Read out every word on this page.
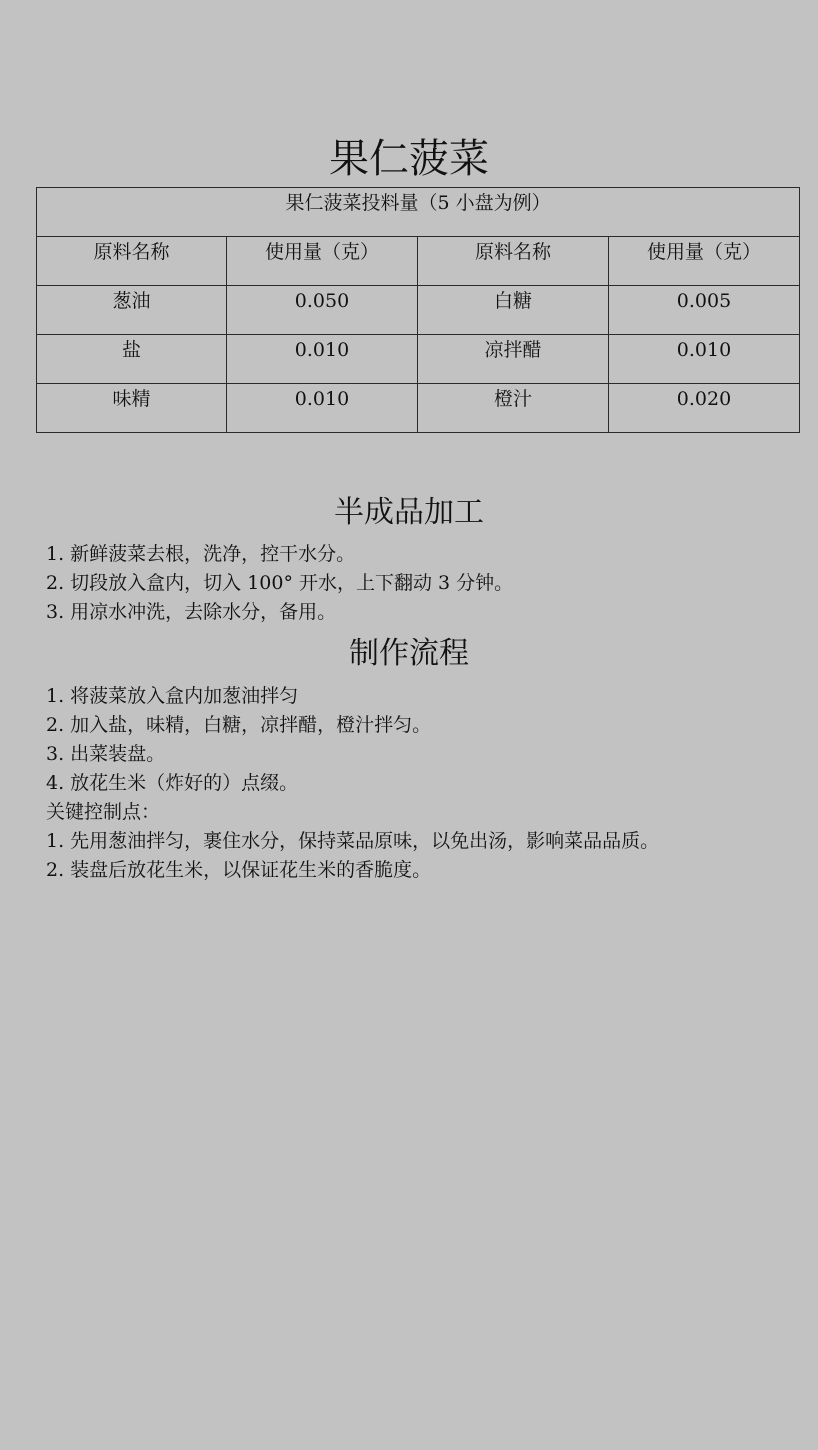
果仁菠菜
果仁菠菜投料量（5 小盘为例）			
原料名称	使用量（克）	原料名称	使用量（克）
葱油	0.050	白糖	0.005
盐	0.010	凉拌醋	0.010
味精	0.010	橙汁	0.020
半成品加工
1. 新鲜菠菜去根，洗净，控干水分。
2. 切段放入盒内，切入 100° 开水，上下翻动 3 分钟。
3. 用凉水冲洗，去除水分，备用。
制作流程
1. 将菠菜放入盒内加葱油拌匀
2. 加入盐，味精，白糖，凉拌醋，橙汁拌匀。
3. 出菜装盘。
4. 放花生米（炸好的）点缀。
关键控制点：
1. 先用葱油拌匀，裹住水分，保持菜品原味，以免出汤，影响菜品品质。
2. 装盘后放花生米，以保证花生米的香脆度。
